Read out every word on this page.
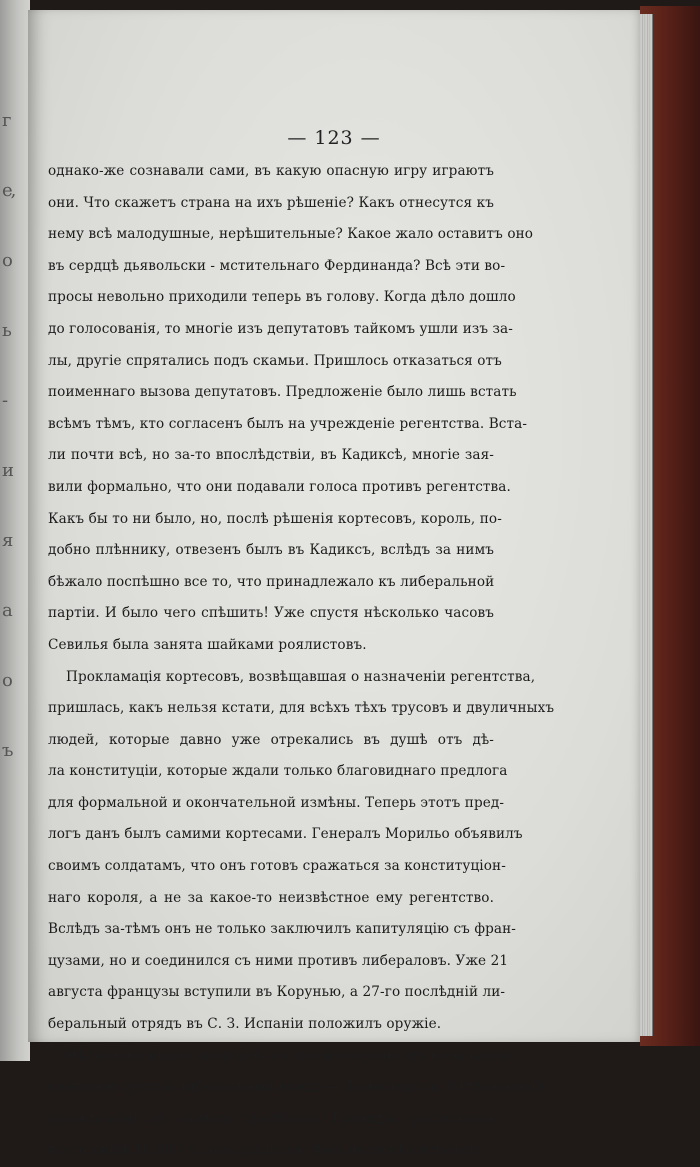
г
е,
о
ь
-
и
я
а
о
ъ
— 123 —
однако-же сознавали сами, въ какую опасную игру играютъ
они. Что скажетъ страна на ихъ рѣшеніе? Какъ отнесутся къ
нему всѣ малодушные, нерѣшительные? Какое жало оставитъ оно
въ сердцѣ дьявольски - мстительнаго Фердинанда? Всѣ эти во-
просы невольно приходили теперь въ голову. Когда дѣло дошло
до голосованія, то многіе изъ депутатовъ тайкомъ ушли изъ за-
лы, другіе спрятались подъ скамьи. Пришлось отказаться отъ
поименнаго вызова депутатовъ. Предложеніе было лишь встать
всѣмъ тѣмъ, кто согласенъ былъ на учрежденіе регентства. Вста-
ли почти всѣ, но за-то впослѣдствіи, въ Кадиксѣ, многіе зая-
вили формально, что они подавали голоса противъ регентства.
Какъ бы то ни было, но, послѣ рѣшенія кортесовъ, король, по-
добно плѣннику, отвезенъ былъ въ Кадиксъ, вслѣдъ за нимъ
бѣжало поспѣшно все то, что принадлежало къ либеральной
партіи. И было чего спѣшить! Уже спустя нѣсколько часовъ
Севилья была занята шайками роялистовъ.
Прокламація кортесовъ, возвѣщавшая о назначеніи регентства,
пришлась, какъ нельзя кстати, для всѣхъ тѣхъ трусовъ и двуличныхъ
людей, которые давно уже отрекались въ душѣ отъ дѣ-
ла конституціи, которые ждали только благовиднаго предлога
для формальной и окончательной измѣны. Теперь этотъ пред-
логъ данъ былъ самими кортесами. Генералъ Морильо объявилъ
своимъ солдатамъ, что онъ готовъ сражаться за конституціон-
наго короля, а не за какое-то неизвѣстное ему регентство.
Вслѣдъ за-тѣмъ онъ не только заключилъ капитуляцію съ фран-
цузами, но и соединился съ ними противъ либераловъ. Уже 21
августа французы вступили въ Корунью, а 27-го послѣдній ли-
беральный отрядъ въ С. З. Испаніи положилъ оружіе.
Нѣсколько иначе окончилъ съ своей стороны эту печальную
кампанію другой либеральный вождь — Балестеросъ. Оттѣсненный
французами до самыхъ предѣловъ Гранады, располагая
всего лишь 10,000 ч., онъ рѣшился тѣмъ не менѣе вступить
